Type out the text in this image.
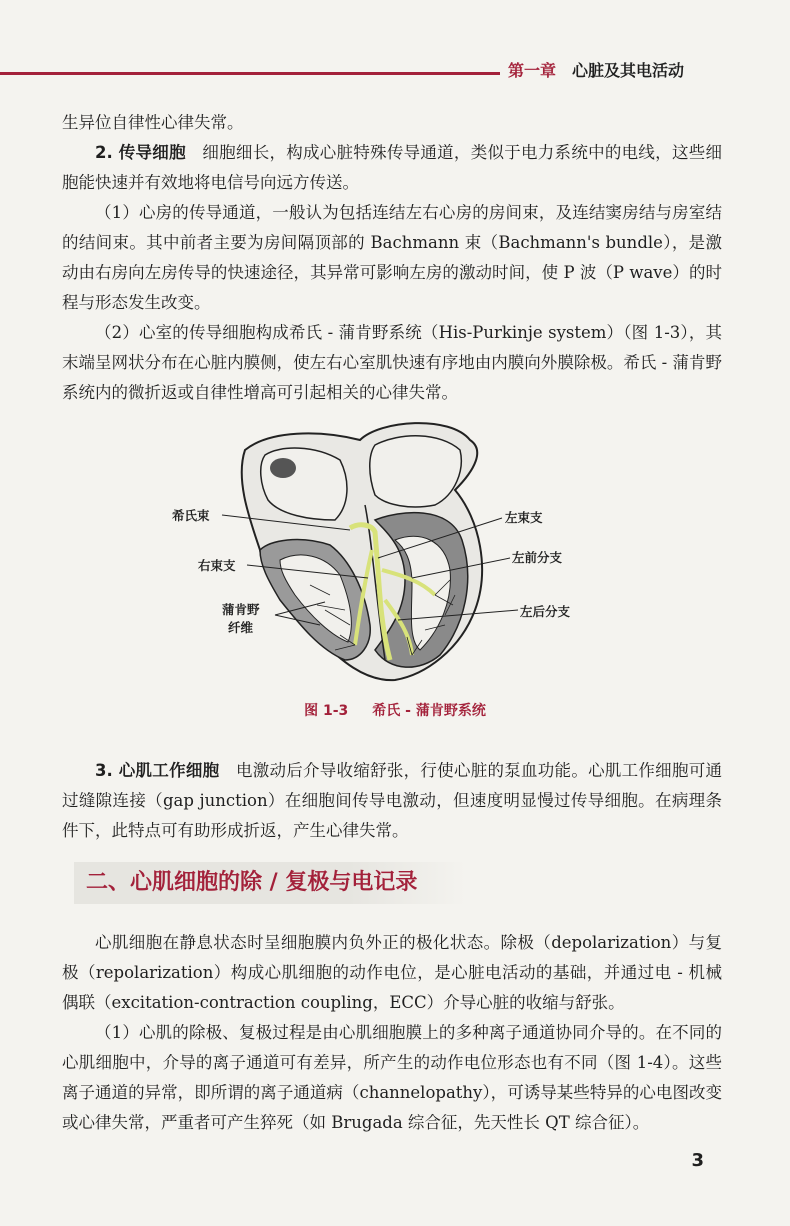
第一章 心脏及其电活动

生异位自律性心律失常。

2. 传导细胞 细胞细长，构成心脏特殊传导通道，类似于电力系统中的电线，这些细胞能快速并有效地将电信号向远方传送。

（1）心房的传导通道，一般认为包括连结左右心房的房间束，及连结窦房结与房室结的结间束。其中前者主要为房间隔顶部的 Bachmann 束（Bachmann's bundle），是激动由右房向左房传导的快速途径，其异常可影响左房的激动时间，使 P 波（P wave）的时程与形态发生改变。

（2）心室的传导细胞构成希氏 - 蒲肯野系统（His-Purkinje system）（图 1-3），其末端呈网状分布在心脏内膜侧，使左右心室肌快速有序地由内膜向外膜除极。希氏 - 蒲肯野系统内的微折返或自律性增高可引起相关的心律失常。

希氏束
右束支
蒲肯野
纤维
左束支
左前分支
左后分支
图 1-3 希氏 - 蒲肯野系统

3. 心肌工作细胞 电激动后介导收缩舒张，行使心脏的泵血功能。心肌工作细胞可通过缝隙连接（gap junction）在细胞间传导电激动，但速度明显慢过传导细胞。在病理条件下，此特点可有助形成折返，产生心律失常。

二、心肌细胞的除 / 复极与电记录

心肌细胞在静息状态时呈细胞膜内负外正的极化状态。除极（depolarization）与复极（repolarization）构成心肌细胞的动作电位，是心脏电活动的基础，并通过电 - 机械偶联（excitation-contraction coupling，ECC）介导心脏的收缩与舒张。

（1）心肌的除极、复极过程是由心肌细胞膜上的多种离子通道协同介导的。在不同的心肌细胞中，介导的离子通道可有差异，所产生的动作电位形态也有不同（图 1-4）。这些离子通道的异常，即所谓的离子通道病（channelopathy），可诱导某些特异的心电图改变或心律失常，严重者可产生猝死（如 Brugada 综合征，先天性长 QT 综合征）。

3
